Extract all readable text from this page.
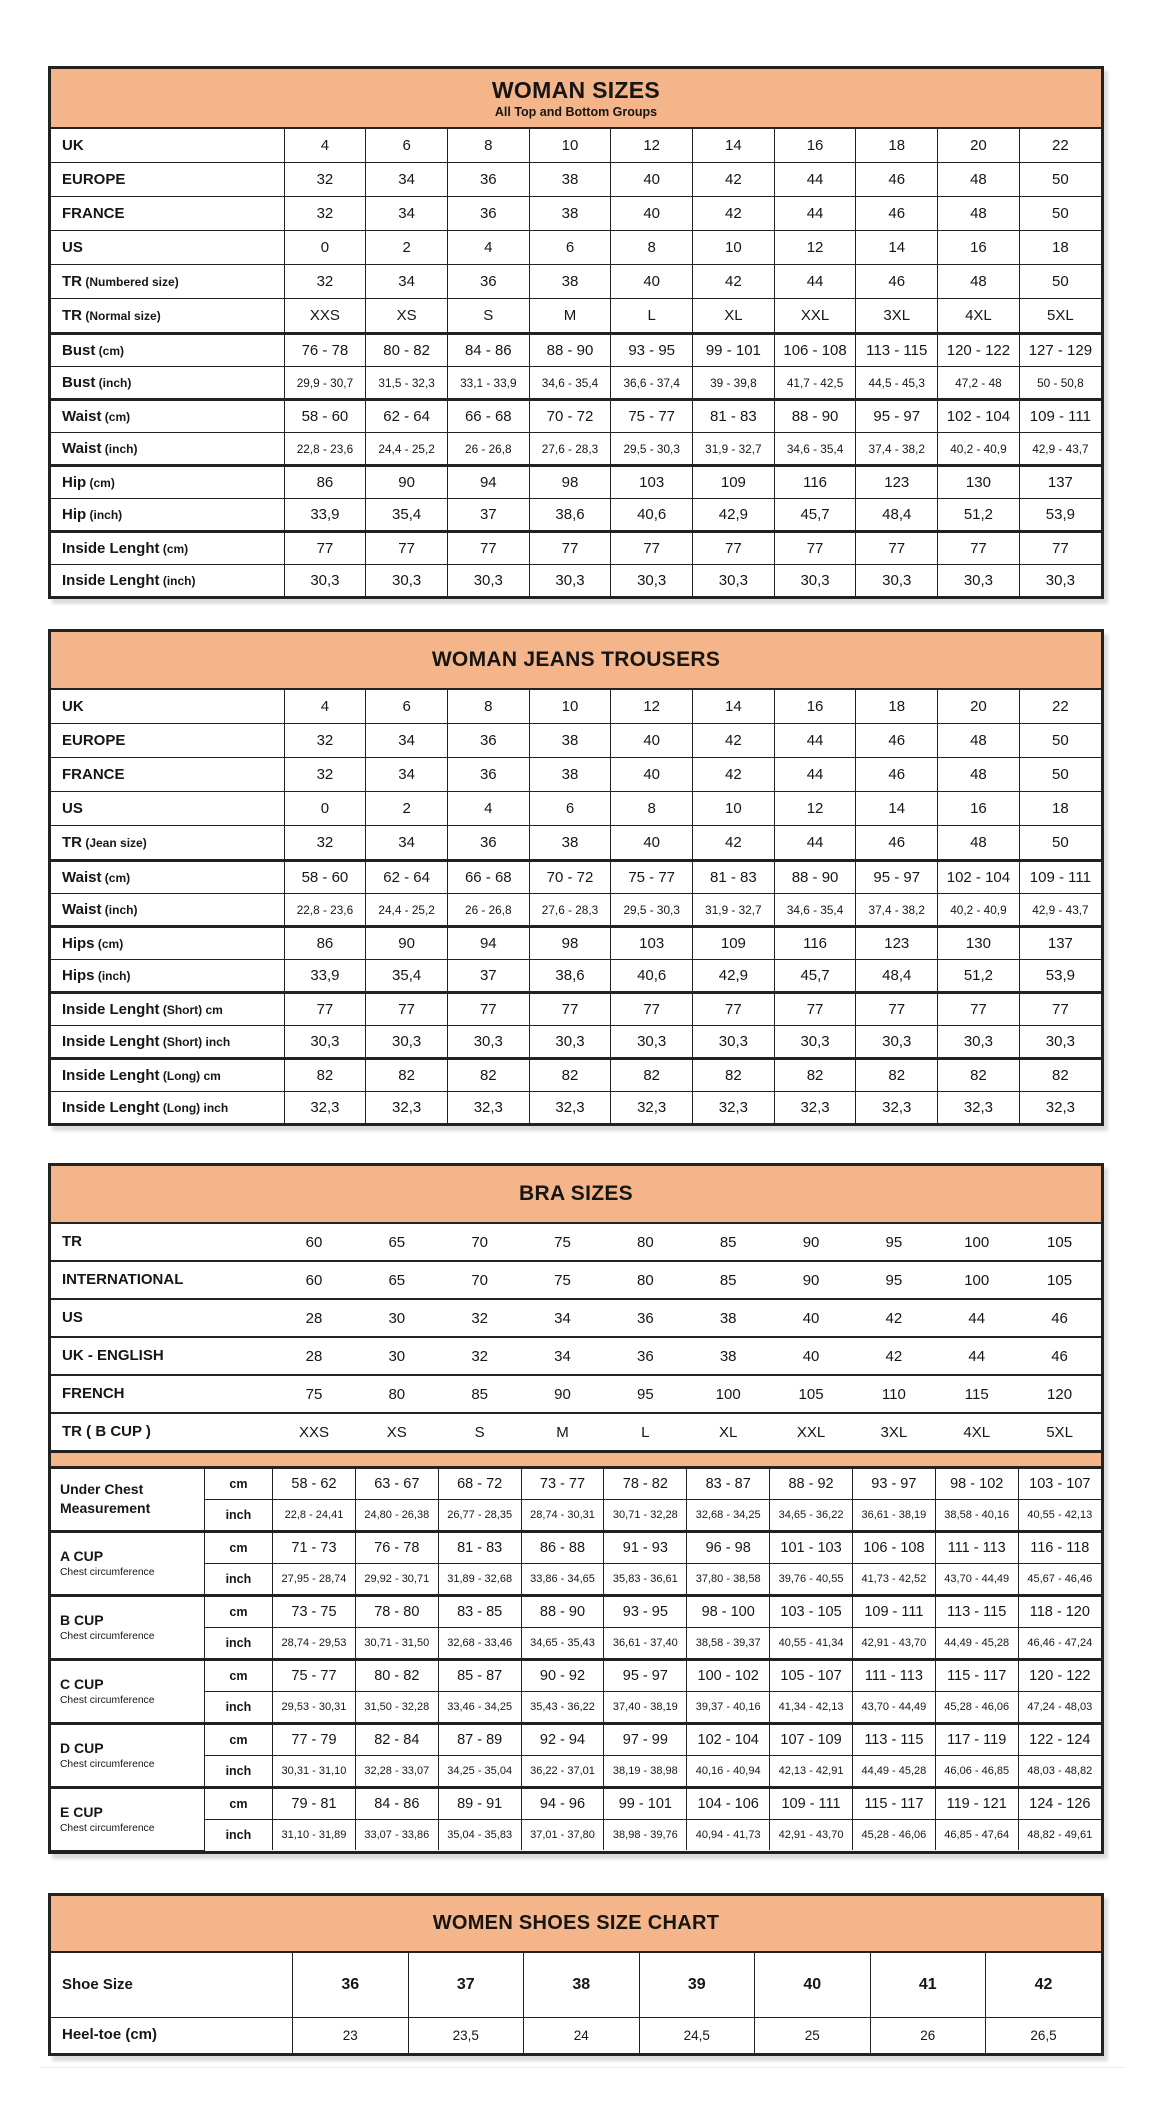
WOMAN SIZES
All Top and Bottom Groups
UK	4	6	8	10	12	14	16	18	20	22
EUROPE	32	34	36	38	40	42	44	46	48	50
FRANCE	32	34	36	38	40	42	44	46	48	50
US	0	2	4	6	8	10	12	14	16	18
TR (Numbered size)	32	34	36	38	40	42	44	46	48	50
TR (Normal size)	XXS	XS	S	M	L	XL	XXL	3XL	4XL	5XL
Bust (cm)	76 - 78	80 - 82	84 - 86	88 - 90	93 - 95	99 - 101	106 - 108	113 - 115	120 - 122	127 - 129
Bust (inch)	29,9 - 30,7	31,5 - 32,3	33,1 - 33,9	34,6 - 35,4	36,6 - 37,4	39 - 39,8	41,7 - 42,5	44,5 - 45,3	47,2 - 48	50 - 50,8
Waist (cm)	58 - 60	62 - 64	66 - 68	70 - 72	75 - 77	81 - 83	88 - 90	95 - 97	102 - 104	109 - 111
Waist (inch)	22,8 - 23,6	24,4 - 25,2	26 - 26,8	27,6 - 28,3	29,5 - 30,3	31,9 - 32,7	34,6 - 35,4	37,4 - 38,2	40,2 - 40,9	42,9 - 43,7
Hip (cm)	86	90	94	98	103	109	116	123	130	137
Hip (inch)	33,9	35,4	37	38,6	40,6	42,9	45,7	48,4	51,2	53,9
Inside Lenght (cm)	77	77	77	77	77	77	77	77	77	77
Inside Lenght (inch)	30,3	30,3	30,3	30,3	30,3	30,3	30,3	30,3	30,3	30,3
WOMAN JEANS TROUSERS
UK	4	6	8	10	12	14	16	18	20	22
EUROPE	32	34	36	38	40	42	44	46	48	50
FRANCE	32	34	36	38	40	42	44	46	48	50
US	0	2	4	6	8	10	12	14	16	18
TR (Jean size)	32	34	36	38	40	42	44	46	48	50
Waist (cm)	58 - 60	62 - 64	66 - 68	70 - 72	75 - 77	81 - 83	88 - 90	95 - 97	102 - 104	109 - 111
Waist (inch)	22,8 - 23,6	24,4 - 25,2	26 - 26,8	27,6 - 28,3	29,5 - 30,3	31,9 - 32,7	34,6 - 35,4	37,4 - 38,2	40,2 - 40,9	42,9 - 43,7
Hips (cm)	86	90	94	98	103	109	116	123	130	137
Hips (inch)	33,9	35,4	37	38,6	40,6	42,9	45,7	48,4	51,2	53,9
Inside Lenght (Short) cm	77	77	77	77	77	77	77	77	77	77
Inside Lenght (Short) inch	30,3	30,3	30,3	30,3	30,3	30,3	30,3	30,3	30,3	30,3
Inside Lenght (Long) cm	82	82	82	82	82	82	82	82	82	82
Inside Lenght (Long) inch	32,3	32,3	32,3	32,3	32,3	32,3	32,3	32,3	32,3	32,3
BRA SIZES
TR		60	65	70	75	80	85	90	95	100	105
INTERNATIONAL		60	65	70	75	80	85	90	95	100	105
US		28	30	32	34	36	38	40	42	44	46
UK - ENGLISH		28	30	32	34	36	38	40	42	44	46
FRENCH		75	80	85	90	95	100	105	110	115	120
TR ( B CUP )		XXS	XS	S	M	L	XL	XXL	3XL	4XL	5XL

Under Chest Measurement	cm	58 - 62	63 - 67	68 - 72	73 - 77	78 - 82	83 - 87	88 - 92	93 - 97	98 - 102	103 - 107
	inch	22,8 - 24,41	24,80 - 26,38	26,77 - 28,35	28,74 - 30,31	30,71 - 32,28	32,68 - 34,25	34,65 - 36,22	36,61 - 38,19	38,58 - 40,16	40,55 - 42,13
A CUP
Chest circumference	cm	71 - 73	76 - 78	81 - 83	86 - 88	91 - 93	96 - 98	101 - 103	106 - 108	111 - 113	116 - 118
	inch	27,95 - 28,74	29,92 - 30,71	31,89 - 32,68	33,86 - 34,65	35,83 - 36,61	37,80 - 38,58	39,76 - 40,55	41,73 - 42,52	43,70 - 44,49	45,67 - 46,46
B CUP
Chest circumference	cm	73 - 75	78 - 80	83 - 85	88 - 90	93 - 95	98 - 100	103 - 105	109 - 111	113 - 115	118 - 120
	inch	28,74 - 29,53	30,71 - 31,50	32,68 - 33,46	34,65 - 35,43	36,61 - 37,40	38,58 - 39,37	40,55 - 41,34	42,91 - 43,70	44,49 - 45,28	46,46 - 47,24
C CUP
Chest circumference	cm	75 - 77	80 - 82	85 - 87	90 - 92	95 - 97	100 - 102	105 - 107	111 - 113	115 - 117	120 - 122
	inch	29,53 - 30,31	31,50 - 32,28	33,46 - 34,25	35,43 - 36,22	37,40 - 38,19	39,37 - 40,16	41,34 - 42,13	43,70 - 44,49	45,28 - 46,06	47,24 - 48,03
D CUP
Chest circumference	cm	77 - 79	82 - 84	87 - 89	92 - 94	97 - 99	102 - 104	107 - 109	113 - 115	117 - 119	122 - 124
	inch	30,31 - 31,10	32,28 - 33,07	34,25 - 35,04	36,22 - 37,01	38,19 - 38,98	40,16 - 40,94	42,13 - 42,91	44,49 - 45,28	46,06 - 46,85	48,03 - 48,82
E CUP
Chest circumference	cm	79 - 81	84 - 86	89 - 91	94 - 96	99 - 101	104 - 106	109 - 111	115 - 117	119 - 121	124 - 126
	inch	31,10 - 31,89	33,07 - 33,86	35,04 - 35,83	37,01 - 37,80	38,98 - 39,76	40,94 - 41,73	42,91 - 43,70	45,28 - 46,06	46,85 - 47,64	48,82 - 49,61
WOMEN SHOES SIZE CHART
Shoe Size	36	37	38	39	40	41	42
Heel-toe (cm)	23	23,5	24	24,5	25	26	26,5
